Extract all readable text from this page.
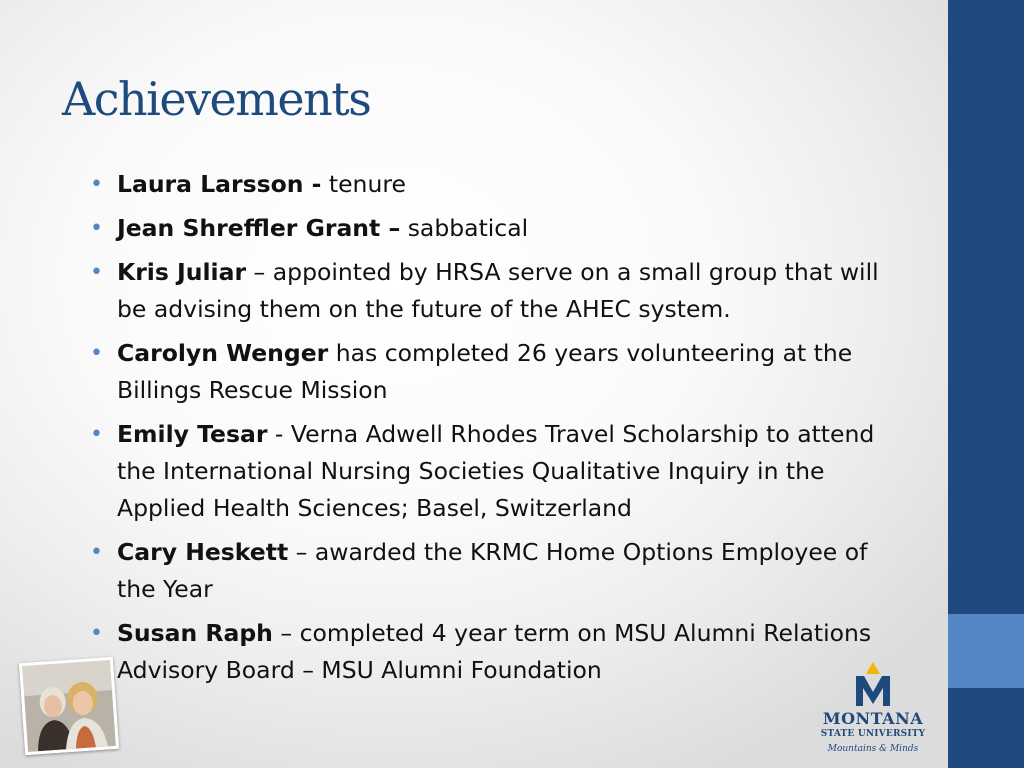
Achievements
• Laura Larsson - tenure
• Jean Shreffler Grant – sabbatical
• Kris Juliar – appointed by HRSA serve on a small group that will be advising them on the future of the AHEC system.
• Carolyn Wenger has completed 26 years volunteering at the Billings Rescue Mission
• Emily Tesar - Verna Adwell Rhodes Travel Scholarship to attend the International Nursing Societies Qualitative Inquiry in the Applied Health Sciences; Basel, Switzerland
• Cary Heskett – awarded the KRMC Home Options Employee of the Year
• Susan Raph – completed 4 year term on MSU Alumni Relations Advisory Board – MSU Alumni Foundation
MONTANA
STATE UNIVERSITY
Mountains & Minds
